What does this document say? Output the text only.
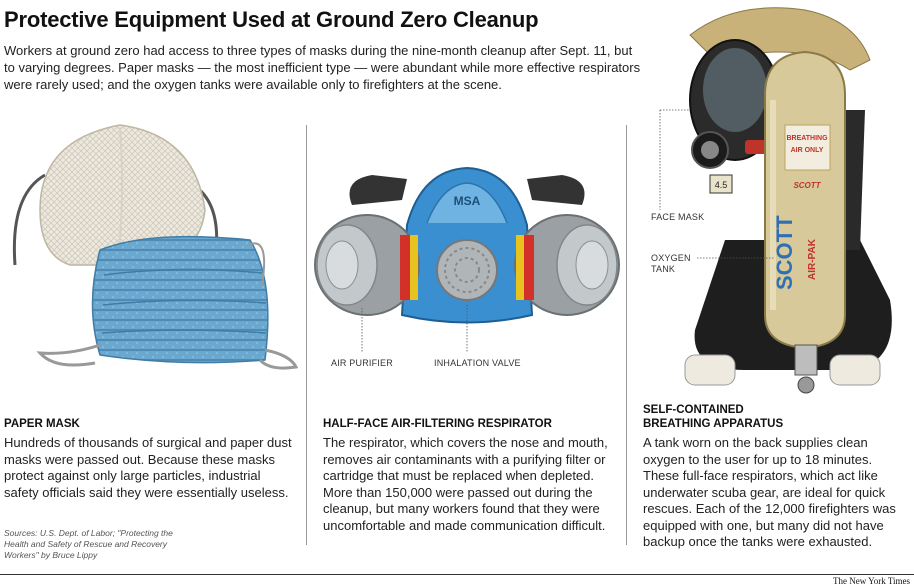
Protective Equipment Used at Ground Zero Cleanup
Workers at ground zero had access to three types of masks during the nine-month cleanup after Sept. 11, but to varying degrees. Paper masks — the most inefficient type — were abundant while more effective respirators were rarely used; and the oxygen tanks were available only to firefighters at the scene.
MSA
AIR PURIFIER	INHALATION VALVE
4.5
BREATHING
AIR ONLY
SCOTT
SCOTT AIR-PAK
FACE MASK
OXYGEN
TANK
PAPER MASK

Hundreds of thousands of surgical and paper dust masks were passed out. Because these masks protect against only large particles, industrial safety officials said they were essentially useless.

HALF-FACE AIR-FILTERING RESPIRATOR

The respirator, which covers the nose and mouth, removes air contaminants with a purifying filter or cartridge that must be replaced when depleted. More than 150,000 were passed out during the cleanup, but many workers found that they were uncomfortable and made communication difficult.

SELF-CONTAINED BREATHING APPARATUS

A tank worn on the back supplies clean oxygen to the user for up to 18 minutes. These full-face respirators, which act like underwater scuba gear, are ideal for quick rescues. Each of the 12,000 firefighters was equipped with one, but many did not have backup once the tanks were exhausted.

Sources: U.S. Dept. of Labor; "Protecting the Health and Safety of Rescue and Recovery Workers" by Bruce Lippy
The New York Times
